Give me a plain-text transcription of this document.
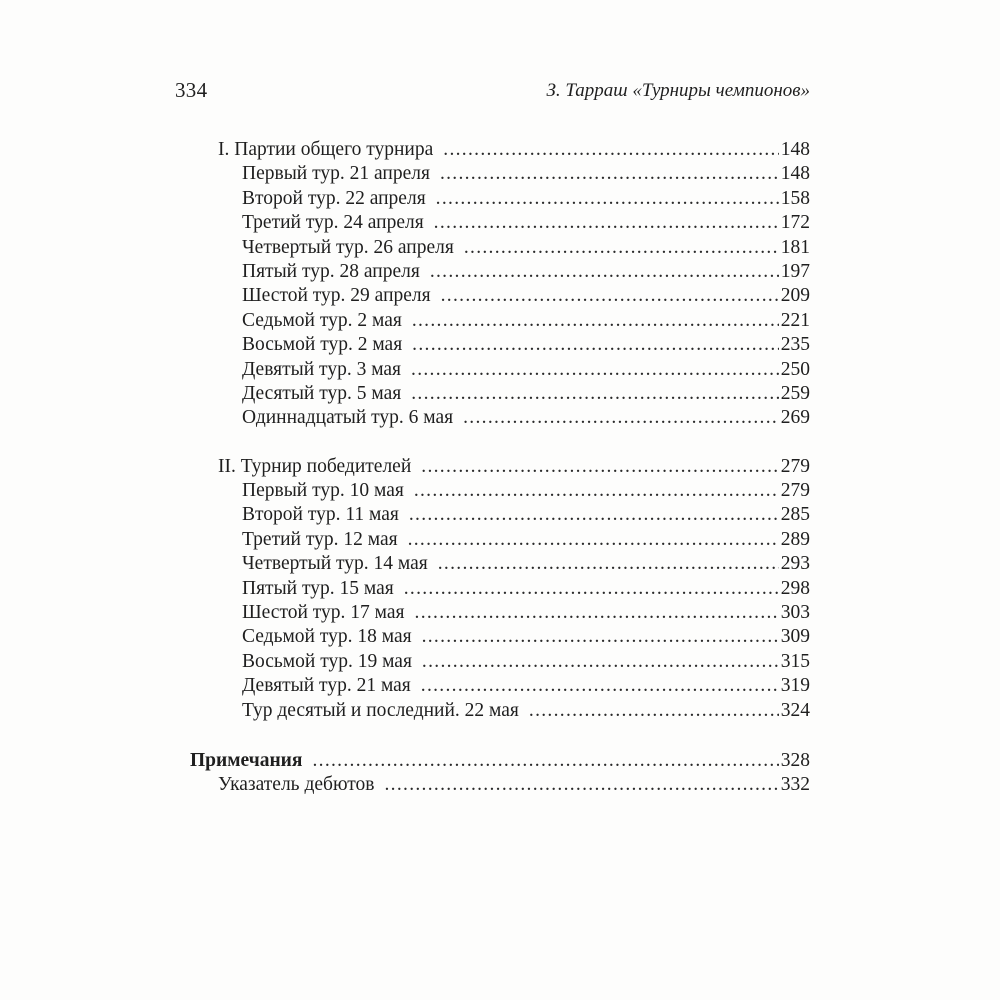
334	З. Тарраш «Турниры чемпионов»
I. Партии общего турнира .....	148
Первый тур. 21 апреля .....	148
Второй тур. 22 апреля .....	158
Третий тур. 24 апреля .....	172
Четвертый тур. 26 апреля .....	181
Пятый тур. 28 апреля .....	197
Шестой тур. 29 апреля .....	209
Седьмой тур. 2 мая .....	221
Восьмой тур. 2 мая .....	235
Девятый тур. 3 мая .....	250
Десятый тур. 5 мая .....	259
Одиннадцатый тур. 6 мая .....	269
II. Турнир победителей .....	279
Первый тур. 10 мая .....	279
Второй тур. 11 мая .....	285
Третий тур. 12 мая .....	289
Четвертый тур. 14 мая .....	293
Пятый тур. 15 мая .....	298
Шестой тур. 17 мая .....	303
Седьмой тур. 18 мая .....	309
Восьмой тур. 19 мая .....	315
Девятый тур. 21 мая .....	319
Тур десятый и последний. 22 мая .....	324
Примечания .....	328
Указатель дебютов .....	332
